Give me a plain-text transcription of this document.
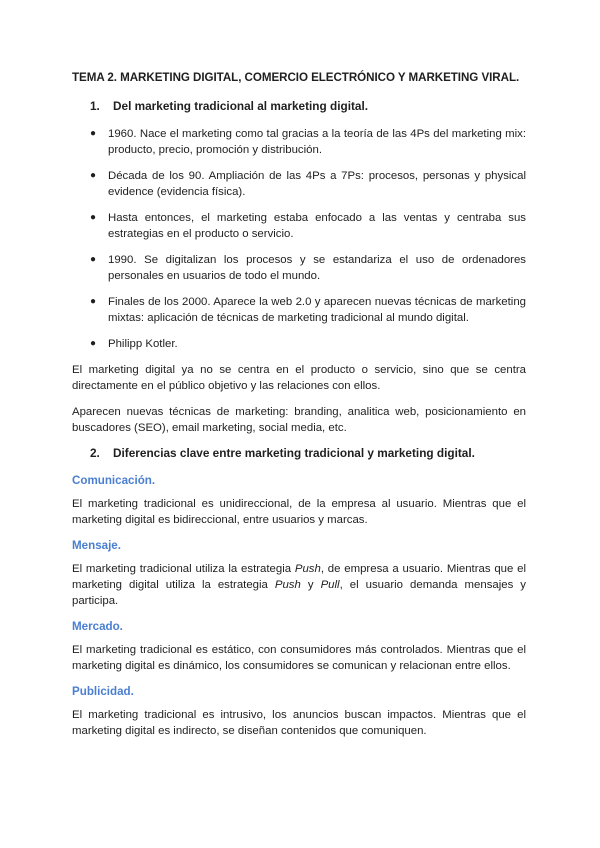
TEMA 2. MARKETING DIGITAL, COMERCIO ELECTRÓNICO Y MARKETING VIRAL.
1.	Del marketing tradicional al marketing digital.
● 1960. Nace el marketing como tal gracias a la teoría de las 4Ps del marketing mix: producto, precio, promoción y distribución.
● Década de los 90. Ampliación de las 4Ps a 7Ps: procesos, personas y physical evidence (evidencia física).
● Hasta entonces, el marketing estaba enfocado a las ventas y centraba sus estrategias en el producto o servicio.
● 1990. Se digitalizan los procesos y se estandariza el uso de ordenadores personales en usuarios de todo el mundo.
● Finales de los 2000. Aparece la web 2.0 y aparecen nuevas técnicas de marketing mixtas: aplicación de técnicas de marketing tradicional al mundo digital.
● Philipp Kotler.

El marketing digital ya no se centra en el producto o servicio, sino que se centra directamente en el público objetivo y las relaciones con ellos.

Aparecen nuevas técnicas de marketing: branding, analitica web, posicionamiento en buscadores (SEO), email marketing, social media, etc.

2.	Diferencias clave entre marketing tradicional y marketing digital.
Comunicación.

El marketing tradicional es unidireccional, de la empresa al usuario. Mientras que el marketing digital es bidireccional, entre usuarios y marcas.

Mensaje.

El marketing tradicional utiliza la estrategia Push, de empresa a usuario. Mientras que el marketing digital utiliza la estrategia Push y Pull, el usuario demanda mensajes y participa.

Mercado.

El marketing tradicional es estático, con consumidores más controlados. Mientras que el marketing digital es dinámico, los consumidores se comunican y relacionan entre ellos.

Publicidad.

El marketing tradicional es intrusivo, los anuncios buscan impactos. Mientras que el marketing digital es indirecto, se diseñan contenidos que comuniquen.
